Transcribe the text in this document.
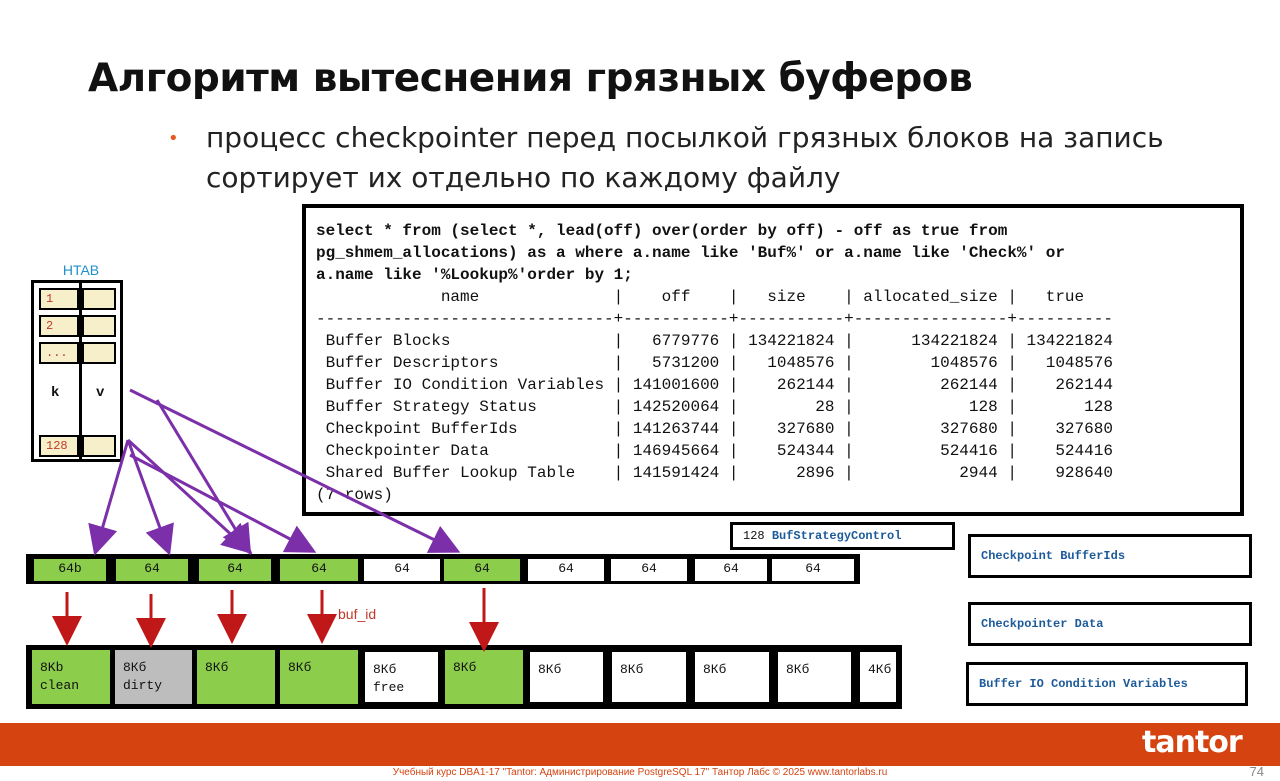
Алгоритм вытеснения грязных буферов
• процесс checkpointer перед посылкой грязных блоков на запись сортирует их отдельно по каждому файлу
select * from (select *, lead(off) over(order by off) - off as true from
pg_shmem_allocations) as a where a.name like 'Buf%' or a.name like 'Check%' or
a.name like '%Lookup%'order by 1;
name              |    off    |   size    | allocated_size |   true
-------------------------------+-----------+-----------+----------------+----------
Buffer Blocks                 |   6779776 | 134221824 |      134221824 | 134221824
Buffer Descriptors            |   5731200 |   1048576 |        1048576 |   1048576
Buffer IO Condition Variables | 141001600 |    262144 |         262144 |    262144
Buffer Strategy Status        | 142520064 |        28 |            128 |       128
Checkpoint BufferIds          | 141263744 |    327680 |         327680 |    327680
Checkpointer Data             | 146945664 |    524344 |         524416 |    524416
Shared Buffer Lookup Table    | 141591424 |      2896 |           2944 |    928640
(7 rows)
HTAB
1
2
...
k	v
128
64b	64	64	64	64	64	64	64	64	64
buf_id
8Kb
clean
8Кб
dirty
8Кб	8Кб	8Кб
free
8Кб	8Кб	8Кб	8Кб	8Кб	4Кб
128 BufStrategyControl
Checkpoint BufferIds
Checkpointer Data
Buffer IO Condition Variables
tantor
Учебный курс DBA1-17 "Tantor: Администрирование PostgreSQL 17" Тантор Лабс © 2025 www.tantorlabs.ru	74
